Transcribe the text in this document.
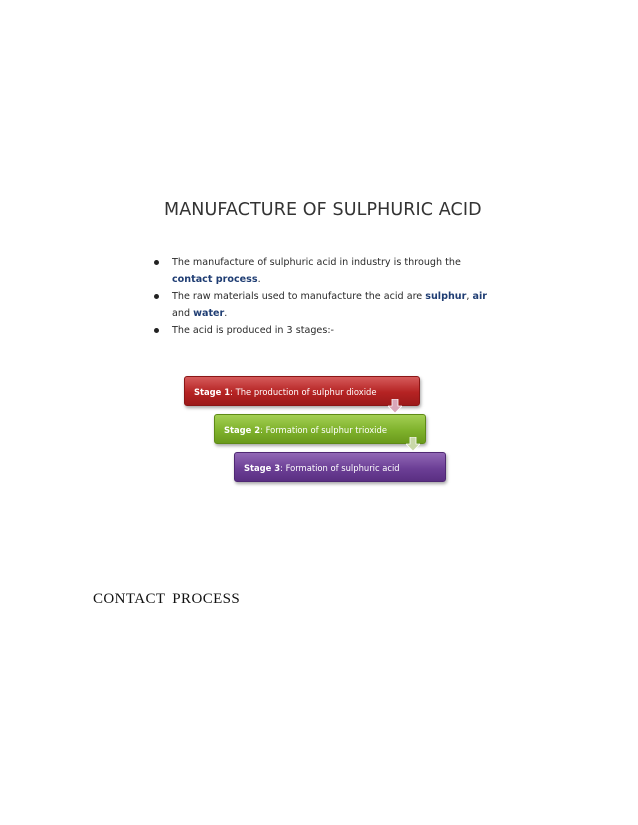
MANUFACTURE OF SULPHURIC ACID
The manufacture of sulphuric acid in industry is through the contact process.
The raw materials used to manufacture the acid are sulphur, air and water.
The acid is produced in 3 stages:-
Stage 1: The production of sulphur dioxide
Stage 2: Formation of sulphur trioxide
Stage 3: Formation of sulphuric acid

CONTACT PROCESS
